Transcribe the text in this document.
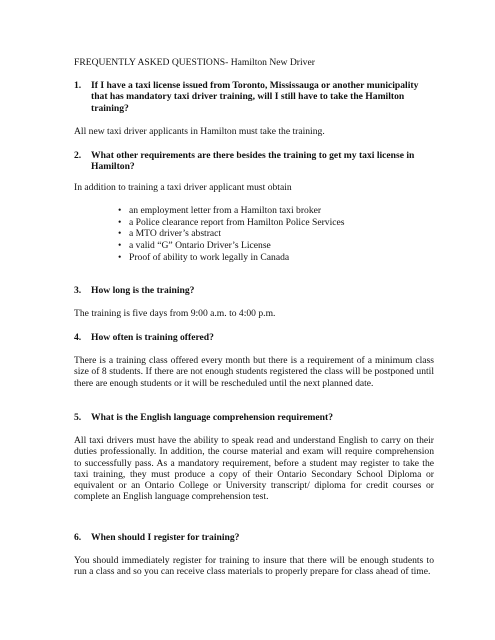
FREQUENTLY ASKED QUESTIONS- Hamilton New Driver
1. If I have a taxi license issued from Toronto, Mississauga or another municipality that has mandatory taxi driver training, will I still have to take the Hamilton training?
All new taxi driver applicants in Hamilton must take the training.
2. What other requirements are there besides the training to get my taxi license in Hamilton?
In addition to training a taxi driver applicant must obtain
• an employment letter from a Hamilton taxi broker
• a Police clearance report from Hamilton Police Services
• a MTO driver’s abstract
• a valid “G” Ontario Driver’s License
• Proof of ability to work legally in Canada
3. How long is the training?
The training is five days from 9:00 a.m. to 4:00 p.m.
4. How often is training offered?
There is a training class offered every month but there is a requirement of a minimum class size of 8 students. If there are not enough students registered the class will be postponed until there are enough students or it will be rescheduled until the next planned date.
5. What is the English language comprehension requirement?
All taxi drivers must have the ability to speak read and understand English to carry on their duties professionally. In addition, the course material and exam will require comprehension to successfully pass. As a mandatory requirement, before a student may register to take the taxi training, they must produce a copy of their Ontario Secondary School Diploma or equivalent or an Ontario College or University transcript/ diploma for credit courses or complete an English language comprehension test.
6. When should I register for training?
You should immediately register for training to insure that there will be enough students to run a class and so you can receive class materials to properly prepare for class ahead of time.
